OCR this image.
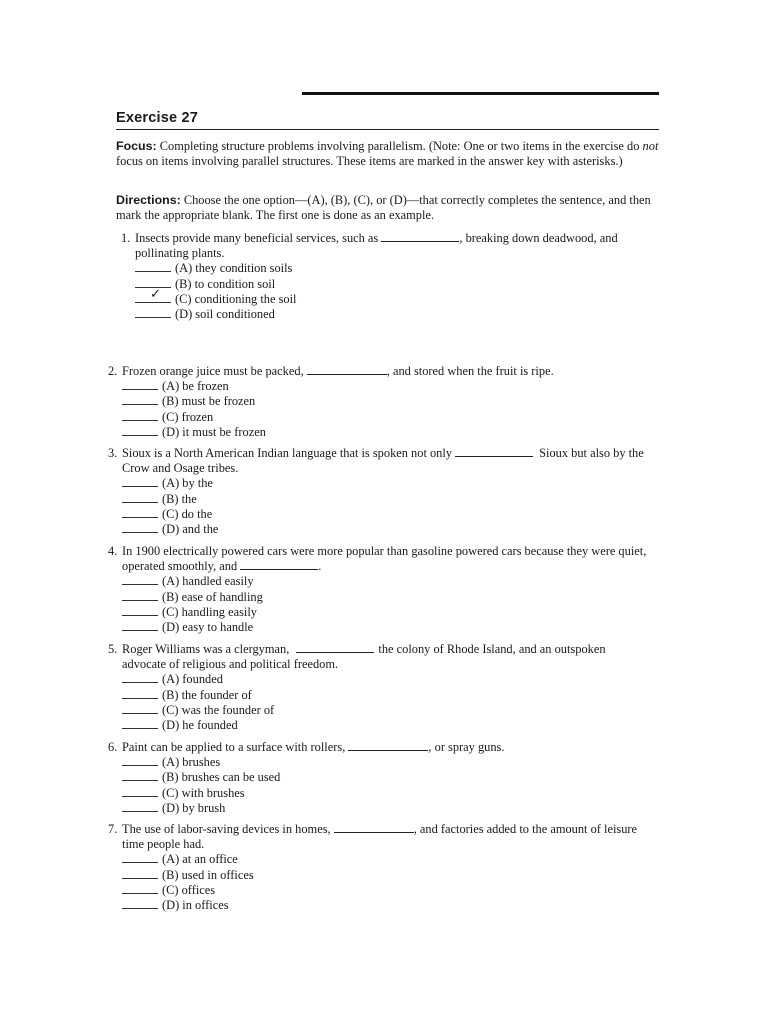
Exercise 27
Focus: Completing structure problems involving parallelism. (Note: One or two items in the exercise do not focus on items involving parallel structures. These items are marked in the answer key with asterisks.)
Directions: Choose the one option—(A), (B), (C), or (D)—that correctly completes the sentence, and then mark the appropriate blank. The first one is done as an example.
1. Insects provide many beneficial services, such as	, breaking down deadwood, and pollinating plants.
(A) they condition soils
(B) to condition soil
✓ (C) conditioning the soil
(D) soil conditioned
2. Frozen orange juice must be packed,	, and stored when the fruit is ripe.
(A) be frozen
(B) must be frozen
(C) frozen
(D) it must be frozen
3. Sioux is a North American Indian language that is spoken not only	Sioux but also by the Crow and Osage tribes.
(A) by the
(B) the
(C) do the
(D) and the
4. In 1900 electrically powered cars were more popular than gasoline powered cars because they were quiet, operated smoothly, and	.
(A) handled easily
(B) ease of handling
(C) handling easily
(D) easy to handle
5. Roger Williams was a clergyman,	the colony of Rhode Island, and an outspoken advocate of religious and political freedom.
(A) founded
(B) the founder of
(C) was the founder of
(D) he founded
6. Paint can be applied to a surface with rollers,	, or spray guns.
(A) brushes
(B) brushes can be used
(C) with brushes
(D) by brush
7. The use of labor-saving devices in homes,	, and factories added to the amount of leisure time people had.
(A) at an office
(B) used in offices
(C) offices
(D) in offices
